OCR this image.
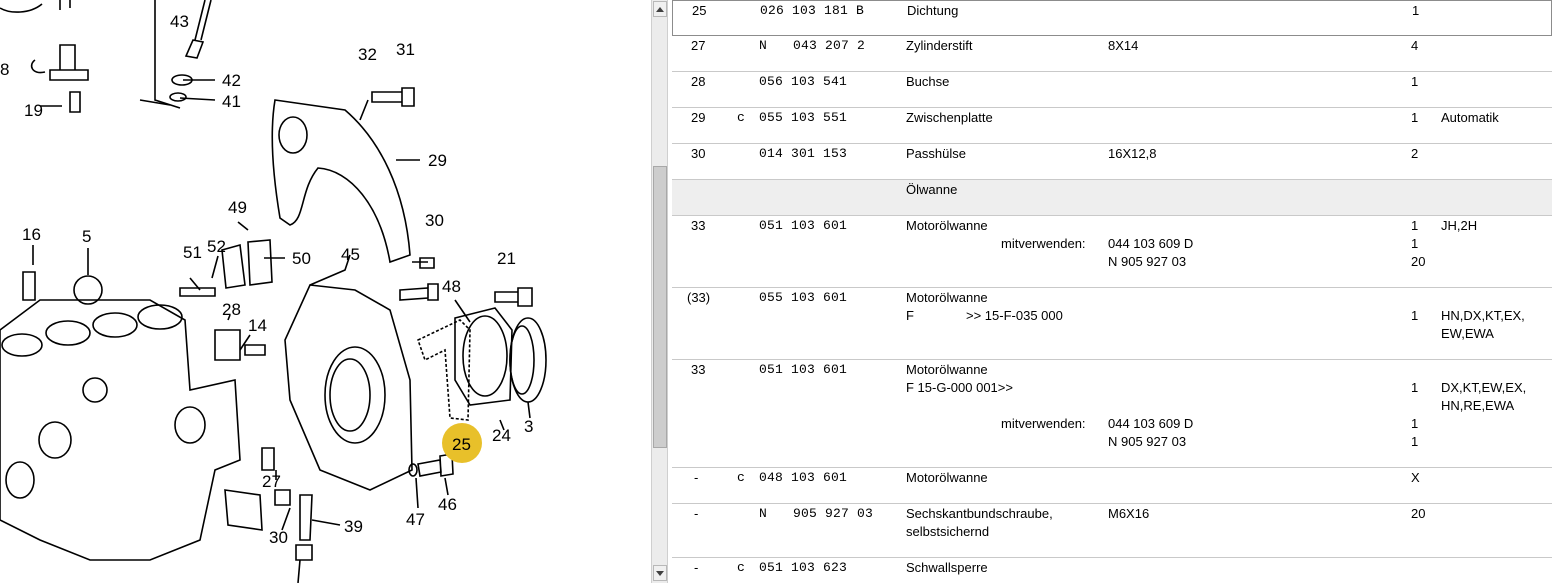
43
8
42
19	41
32 31
29
16 5
49
30
52
50
51	45	21
48
28
14
25 24 3
27
46
47
30
39
25	026 103 181 B	Dichtung	1
27	N 043 207 2	Zylinderstift	8X14	4
28	056 103 541	Buchse	1
29 c 055 103 551	Zwischenplatte	1 Automatik
30	014 301 153	Passhülse	16X12,8	2
Ölwanne
33	051 103 601	Motorölwanne	1 JH,2H
mitverwenden: 044 103 609 D	1
N 905 927 03	20
(33)	055 103 601	Motorölwanne
F	>> 15-F-035 000	1 HN,DX,KT,EX,
EW,EWA
33	051 103 601	Motorölwanne
F 15-G-000 001>>	1 DX,KT,EW,EX,
HN,RE,EWA
mitverwenden: 044 103 609 D	1
N 905 927 03	1
-	c 048 103 601	Motorölwanne	X
-	N 905 927 03	Sechskantbundschraube,
selbstsichernd
M6X16	20
-	c 051 103 623	Schwallsperre
